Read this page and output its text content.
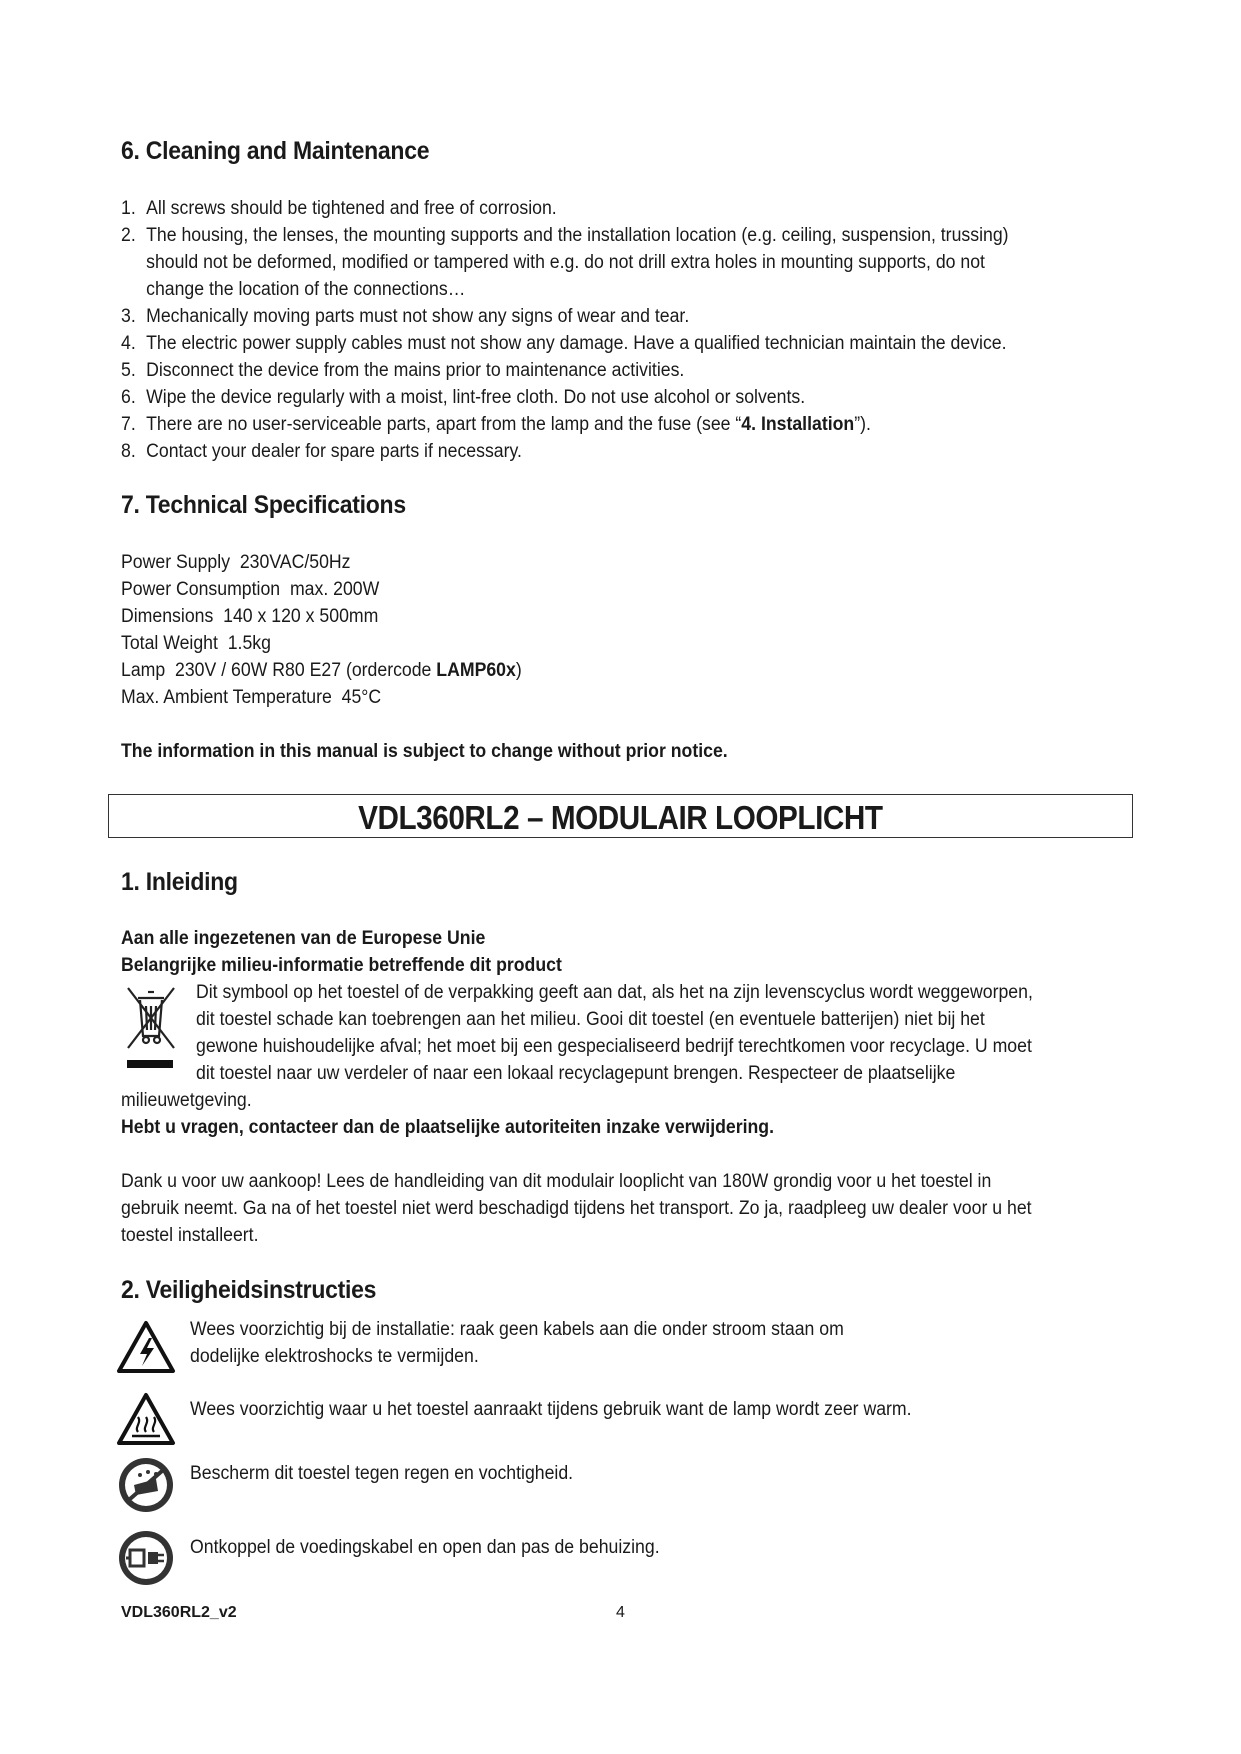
6. Cleaning and Maintenance
1. All screws should be tightened and free of corrosion.
2. The housing, the lenses, the mounting supports and the installation location (e.g. ceiling, suspension, trussing)
should not be deformed, modified or tampered with e.g. do not drill extra holes in mounting supports, do not
change the location of the connections…
3. Mechanically moving parts must not show any signs of wear and tear.
4. The electric power supply cables must not show any damage. Have a qualified technician maintain the device.
5. Disconnect the device from the mains prior to maintenance activities.
6. Wipe the device regularly with a moist, lint-free cloth. Do not use alcohol or solvents.
7. There are no user-serviceable parts, apart from the lamp and the fuse (see “4. Installation”).
8. Contact your dealer for spare parts if necessary.
7. Technical Specifications
Power Supply 230VAC/50Hz
Power Consumption max. 200W
Dimensions 140 x 120 x 500mm
Total Weight 1.5kg
Lamp 230V / 60W R80 E27 (ordercode LAMP60x)
Max. Ambient Temperature 45°C
The information in this manual is subject to change without prior notice.
VDL360RL2 – MODULAIR LOOPLICHT
1. Inleiding
Aan alle ingezetenen van de Europese Unie
Belangrijke milieu-informatie betreffende dit product
Dit symbool op het toestel of de verpakking geeft aan dat, als het na zijn levenscyclus wordt weggeworpen,
dit toestel schade kan toebrengen aan het milieu. Gooi dit toestel (en eventuele batterijen) niet bij het
gewone huishoudelijke afval; het moet bij een gespecialiseerd bedrijf terechtkomen voor recyclage. U moet
dit toestel naar uw verdeler of naar een lokaal recyclagepunt brengen. Respecteer de plaatselijke
milieuwetgeving.
Hebt u vragen, contacteer dan de plaatselijke autoriteiten inzake verwijdering.
Dank u voor uw aankoop! Lees de handleiding van dit modulair looplicht van 180W grondig voor u het toestel in
gebruik neemt. Ga na of het toestel niet werd beschadigd tijdens het transport. Zo ja, raadpleeg uw dealer voor u het
toestel installeert.
2. Veiligheidsinstructies
Wees voorzichtig bij de installatie: raak geen kabels aan die onder stroom staan om
dodelijke elektroshocks te vermijden.
Wees voorzichtig waar u het toestel aanraakt tijdens gebruik want de lamp wordt zeer warm.
Bescherm dit toestel tegen regen en vochtigheid.
Ontkoppel de voedingskabel en open dan pas de behuizing.
VDL360RL2_v2	4
